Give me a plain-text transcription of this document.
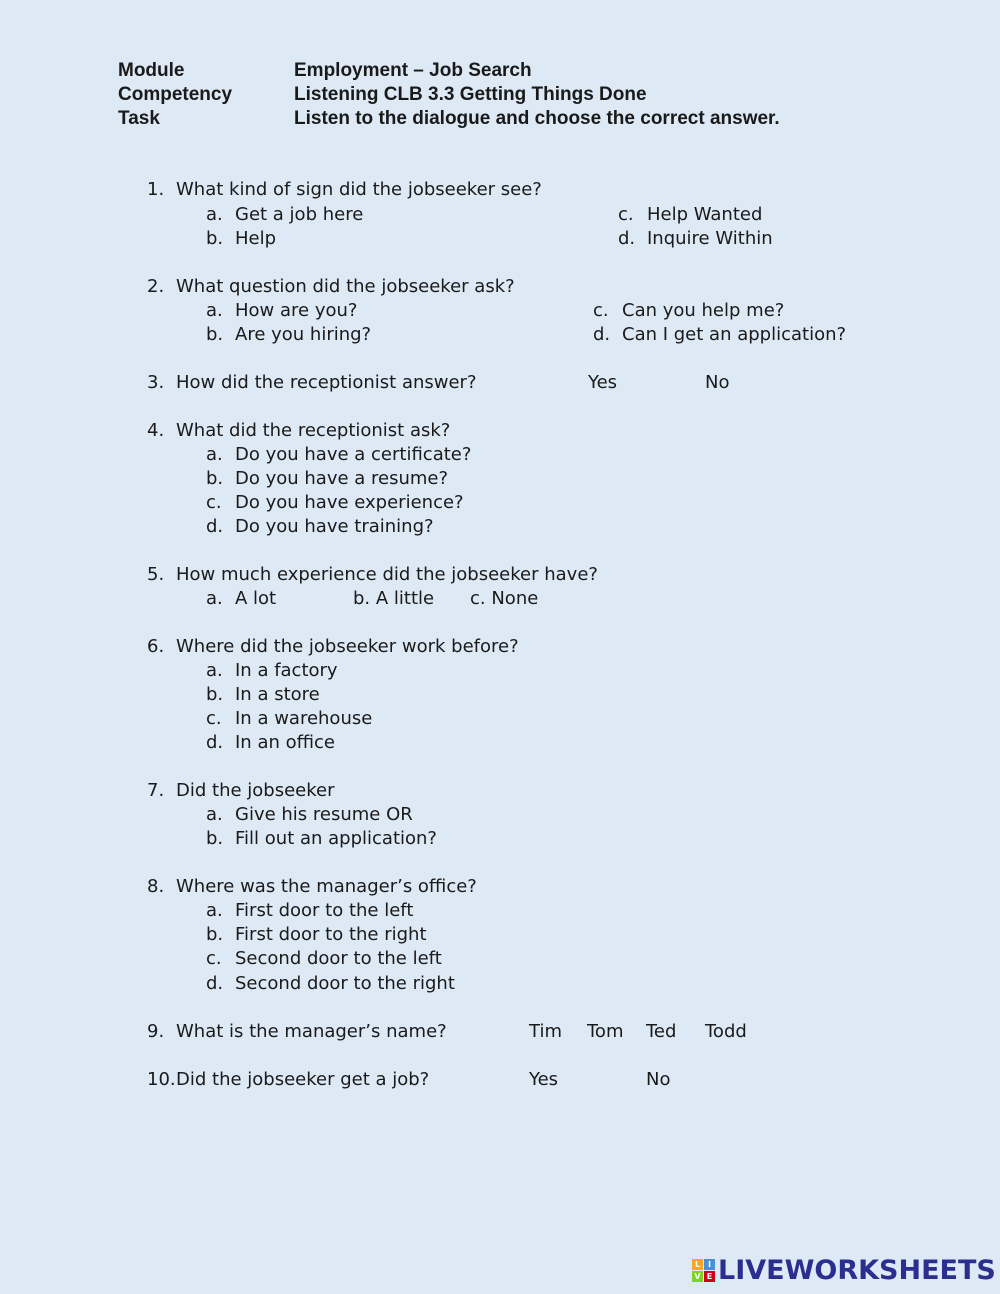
Module	Employment – Job Search
Competency	Listening CLB 3.3 Getting Things Done
Task	Listen to the dialogue and choose the correct answer.
1. What kind of sign did the jobseeker see?
a. Get a job here
b. Help
c. Help Wanted
d. Inquire Within
2. What question did the jobseeker ask?
a. How are you?
b. Are you hiring?
c. Can you help me?
d. Can I get an application?
3. How did the receptionist answer?	Yes	No
4. What did the receptionist ask?
a. Do you have a certificate?
b. Do you have a resume?
c. Do you have experience?
d. Do you have training?
5. How much experience did the jobseeker have?
a. A lot	b. A little c. None
6. Where did the jobseeker work before?
a. In a factory
b. In a store
c. In a warehouse
d. In an office
7. Did the jobseeker
a. Give his resume OR
b. Fill out an application?
8. Where was the manager’s office?
a. First door to the left
b. First door to the right
c. Second door to the left
d. Second door to the right
9. What is the manager’s name?	Tim Tom Ted Todd
10. Did the jobseeker get a job?	Yes	No
L I
V E LIVEWORKSHEETS
